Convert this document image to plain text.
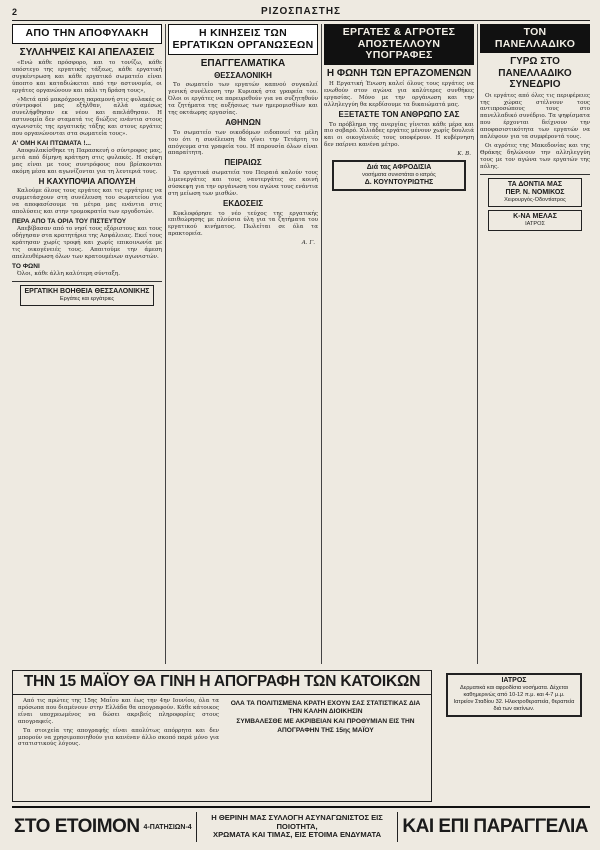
2	ΡΙΖΟΣΠΑΣΤΗΣ
ΑΠΟ ΤΗΝ ΑΠΟΦΥΛΑΚΗ
ΣΥΛΛΗΨΕΙΣ ΚΑΙ ΑΠΕΛΑΣΕΙΣ

«Ενώ κάθε πρόσφορο, και το τονίζω, κάθε υπόστεγο της εργατικής τάξεως, κάθε εργατική συγκέντρωση και κάθε εργατικό σωματείο είναι ύποπτο και καταδιώκεται από την αστυνομία, οι εργάτες οργανώνουν και πάλι τη δράση τους»,

«Μετά από μακρόχρονη παραμονή στις φυλακές οι σύντροφοί μας εξήλθαν, αλλά αμέσως συνελήφθησαν εκ νέου και απελάθησαν. Η αστυνομία δεν σταματά τις διώξεις ενάντια στους αγωνιστές της εργατικής τάξης και στους εργάτες που οργανώνονται στα σωματεία τους».

Α' ΟΜΗ ΚΑΙ ΠΤΩΜΑΤΑ !...

Αποφυλακίσθηκε τη Παρασκευή ο σύντροφος μας, μετά από δίμηνη κράτηση στις φυλακές. Η σκέψη μας είναι με τους συντρόφους που βρίσκονται ακόμη μέσα και αγωνίζονται για τη λευτεριά τους.

Η ΚΑΧΥΠΟΨΙΑ ΑΠΟΛΥΣΗ

Καλούμε όλους τους εργάτες και τις εργάτριες να συμμετάσχουν στη συνέλευση του σωματείου για να αποφασίσουμε τα μέτρα μας ενάντια στις απολύσεις και στην τρομοκρατία των εργοδοτών.

ΠΕΡΑ ΑΠΟ ΤΑ ΟΡΙΑ ΤΟΥ ΠΙΣΤΕΥΤΟΥ

Απεβίβασαν από το νησί τους εξόριστους και τους οδήγησαν στα κρατητήρια της Ασφάλειας. Εκεί τους κράτησαν χωρίς τροφή και χωρίς επικοινωνία με τις οικογένειές τους. Απαιτούμε την άμεση απελευθέρωση όλων των κρατουμένων αγωνιστών.

ΤΟ ΦΩΝΙ

Όλοι, κάθε άλλη καλύτερη σύνταξη.

ΕΡΓΑΤΙΚΗ ΒΟΗΘΕΙΑ ΘΕΣΣΑΛΟΝΙΚΗΣ
Εργάτες και εργάτριες
Η ΚΙΝΗΣΕΙΣ ΤΩΝ ΕΡΓΑΤΙΚΩΝ ΟΡΓΑΝΩΣΕΩΝ
ΕΠΑΓΓΕΛΜΑΤΙΚΑ
ΘΕΣΣΑΛΟΝΙΚΗ

Το σωματείο των εργατών καπνού συγκαλεί γενική συνέλευση την Κυριακή στα γραφεία του. Όλοι οι εργάτες να παρευρεθούν για να συζητηθούν τα ζητήματα της αυξήσεως των ημερομισθίων και της οκτάωρης εργασίας.

ΑΘΗΝΩΝ

Το σωματείο των οικοδόμων ειδοποιεί τα μέλη του ότι η συνέλευση θα γίνει την Τετάρτη το απόγευμα στα γραφεία του. Η παρουσία όλων είναι απαραίτητη.

ΠΕΙΡΑΙΩΣ

Τα εργατικά σωματεία του Πειραιά καλούν τους λιμενεργάτες και τους ναυτεργάτες σε κοινή σύσκεψη για την οργάνωση του αγώνα τους ενάντια στη μείωση των μισθών.

ΕΚΔΟΣΕΙΣ

Κυκλοφόρησε το νέο τεύχος της εργατικής επιθεώρησης με πλούσια ύλη για τα ζητήματα του εργατικού κινήματος. Πωλείται σε όλα τα πρακτορεία.

Α. Γ.
ΕΡΓΑΤΕΣ & ΑΓΡΟΤΕΣ ΑΠΟΣΤΕΛΛΟΥΝ ΥΠΟΓΡΑΦΕΣ
Η ΦΩΝΗ ΤΩΝ ΕΡΓΑΖΟΜΕΝΩΝ

Η Εργατική Ένωση καλεί όλους τους εργάτες να ενωθούν στον αγώνα για καλύτερες συνθήκες εργασίας. Μόνο με την οργάνωση και την αλληλεγγύη θα κερδίσουμε τα δικαιώματά μας.

ΕΞΕΤΑΣΤΕ ΤΟΝ ΑΝΘΡΩΠΟ ΣΑΣ

Το πρόβλημα της ανεργίας γίνεται κάθε μέρα και πιο σοβαρό. Χιλιάδες εργάτες μένουν χωρίς δουλειά και οι οικογένειές τους υποφέρουν. Η κυβέρνηση δεν παίρνει κανένα μέτρο.

Κ. Β.
Διά τας ΑΦΡΟΔΙΣΙΑ
νοσήματα συνιστάται ο ιατρός
Δ. ΚΟΥΝΤΟΥΡΙΩΤΗΣ
ΤΟΝ ΠΑΝΕΛΛΑΔΙΚΟ
ΓΥΡΩ ΣΤΟ ΠΑΝΕΛΛΑΔΙΚΟ ΣΥΝΕΔΡΙΟ

Οι εργάτες από όλες τις περιφέρειες της χώρας στέλνουν τους αντιπροσώπους τους στο πανελλαδικό συνέδριο. Τα ψηφίσματα που έρχονται δείχνουν την αποφασιστικότητα των εργατών να παλέψουν για τα συμφέροντά τους.

Οι αγρότες της Μακεδονίας και της Θράκης δηλώνουν την αλληλεγγύη τους με τον αγώνα των εργατών της πόλης.

ΤΑ ΔΟΝΤΙΑ ΜΑΣ
ΠΕΡ. Ν. ΝΟΜΙΚΟΣ
Χειρουργός-Οδοντίατρος
Κ-ΝΑ ΜΕΛΑΣ
ΙΑΤΡΟΣ
ΤΗΝ 15 ΜΑΪΟΥ ΘΑ ΓΙΝΗ Η ΑΠΟΓΡΑΦΗ ΤΩΝ ΚΑΤΟΙΚΩΝ

Από τις πρώτες της 15ης Μαΐου και έως την 4ην Ιουνίου, όλα τα πρόσωπα που διαμένουν στην Ελλάδα θα απογραφούν. Κάθε κάτοικος είναι υποχρεωμένος να δώσει ακριβείς πληροφορίες στους απογραφείς.

Τα στοιχεία της απογραφής είναι απολύτως απόρρητα και δεν μπορούν να χρησιμοποιηθούν για κανέναν άλλο σκοπό παρά μόνο για στατιστικούς λόγους.

ΟΛΑ ΤΑ ΠΟΛΙΤΙΣΜΕΝΑ ΚΡΑΤΗ ΕΧΟΥΝ ΣΑΣ ΣΤΑΤΙΣΤΙΚΑΣ ΔΙΑ ΤΗΝ ΚΑΛΗΝ ΔΙΟΙΚΗΣΙΝ
ΣΥΜΒΑΛΕΣΘΕ ΜΕ ΑΚΡΙΒΕΙΑΝ ΚΑΙ ΠΡΟΘΥΜΙΑΝ ΕΙΣ ΤΗΝ ΑΠΟΓΡΑΦΗΝ ΤΗΣ 15ης ΜΑΪΟΥ
ΙΑΤΡΟΣ
Δερματικά και αφροδίσια νοσήματα. Δέχεται καθημερινώς από 10-12 π.μ. και 4-7 μ.μ.
Ιατρείον Σταδίου 32. Ηλεκτροθεραπεία, θεραπεία διά των ακτίνων.
ΣΤΟ ΕΤΟΙΜΟΝ 4-ΠΑΤΗΣΙΩΝ-4
Η ΘΕΡΙΝΗ ΜΑΣ ΣΥΛΛΟΓΗ ΑΣΥΝΑΓΩΝΙΣΤΟΣ ΕΙΣ ΠΟΙΟΤΗΤΑ,
ΧΡΩΜΑΤΑ ΚΑΙ ΤΙΜΑΣ, ΕΙΣ ΕΤΟΙΜΑ ΕΝΔΥΜΑΤΑ	ΚΑΙ ΕΠΙ ΠΑΡΑΓΓΕΛΙΑ
